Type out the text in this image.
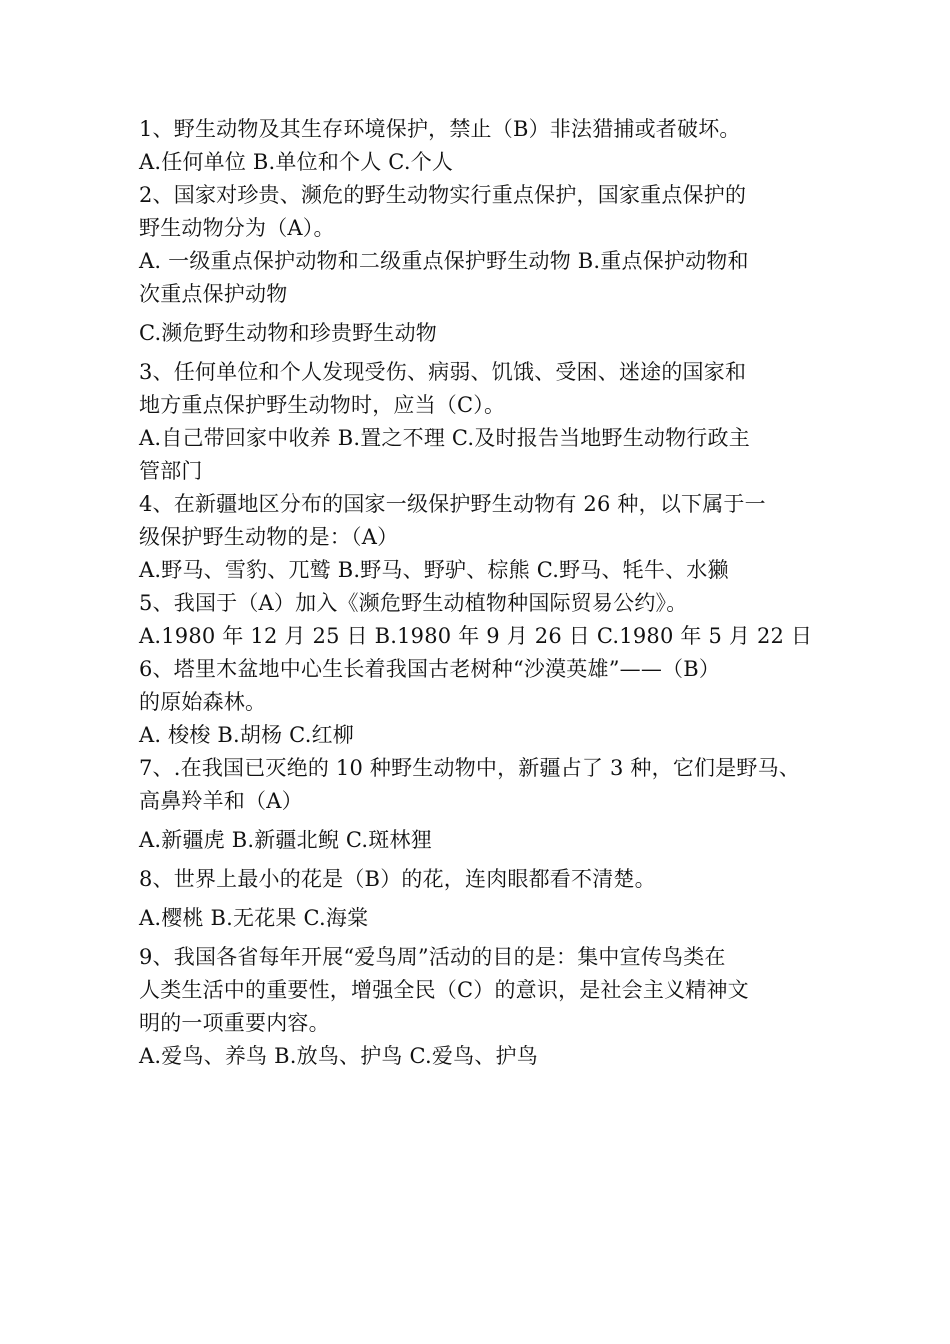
1、野生动物及其生存环境保护，禁止（B）非法猎捕或者破坏。
A.任何单位 B.单位和个人 C.个人
2、国家对珍贵、濒危的野生动物实行重点保护，国家重点保护的
野生动物分为（A）。
A. 一级重点保护动物和二级重点保护野生动物 B.重点保护动物和
次重点保护动物
C.濒危野生动物和珍贵野生动物
3、任何单位和个人发现受伤、病弱、饥饿、受困、迷途的国家和
地方重点保护野生动物时，应当（C）。
A.自己带回家中收养 B.置之不理 C.及时报告当地野生动物行政主
管部门
4、在新疆地区分布的国家一级保护野生动物有 26 种，以下属于一
级保护野生动物的是：（A）
A.野马、雪豹、兀鹫 B.野马、野驴、棕熊 C.野马、牦牛、水獭
5、我国于（A）加入《濒危野生动植物种国际贸易公约》。
A.1980 年 12 月 25 日 B.1980 年 9 月 26 日 C.1980 年 5 月 22 日
6、塔里木盆地中心生长着我国古老树种“沙漠英雄”——（B）
的原始森林。
A. 梭梭 B.胡杨 C.红柳
7、.在我国已灭绝的 10 种野生动物中，新疆占了 3 种，它们是野马、
高鼻羚羊和（A）
A.新疆虎 B.新疆北鲵 C.斑林狸
8、世界上最小的花是（B）的花，连肉眼都看不清楚。
A.樱桃 B.无花果 C.海棠
9、我国各省每年开展“爱鸟周”活动的目的是：集中宣传鸟类在
人类生活中的重要性，增强全民（C）的意识，是社会主义精神文
明的一项重要内容。
A.爱鸟、养鸟 B.放鸟、护鸟 C.爱鸟、护鸟
